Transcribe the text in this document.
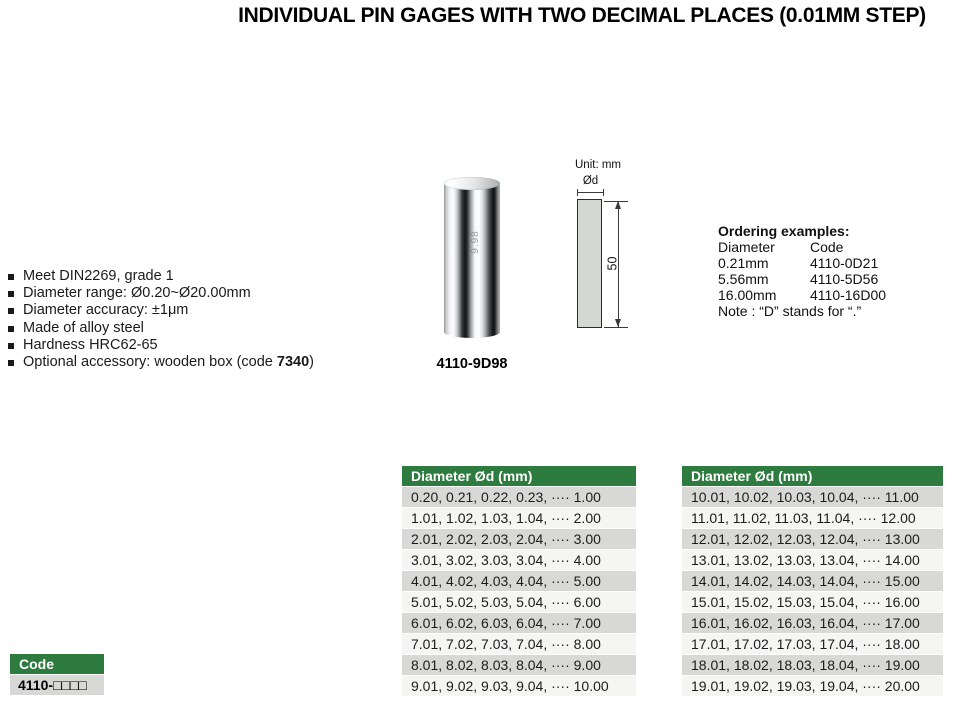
INDIVIDUAL PIN GAGES WITH TWO DECIMAL PLACES (0.01MM STEP)
Meet DIN2269, grade 1
Diameter range: Ø0.20~Ø20.00mm
Diameter accuracy: ±1μm
Made of alloy steel
Hardness HRC62-65
Optional accessory: wooden box (code 7340)
9.98
4110-9D98
Unit: mm
Ød
50
Ordering examples:
Diameter	Code
0.21mm	4110-0D21
5.56mm	4110-5D56
16.00mm	4110-16D00
Note : “D” stands for “.”
Diameter Ød (mm)
0.20, 0.21, 0.22, 0.23, ···· 1.00
1.01, 1.02, 1.03, 1.04, ···· 2.00
2.01, 2.02, 2.03, 2.04, ···· 3.00
3.01, 3.02, 3.03, 3.04, ···· 4.00
4.01, 4.02, 4.03, 4.04, ···· 5.00
5.01, 5.02, 5.03, 5.04, ···· 6.00
6.01, 6.02, 6.03, 6.04, ···· 7.00
7.01, 7.02, 7.03, 7.04, ···· 8.00
8.01, 8.02, 8.03, 8.04, ···· 9.00
9.01, 9.02, 9.03, 9.04, ···· 10.00
Diameter Ød (mm)
10.01, 10.02, 10.03, 10.04, ···· 11.00
11.01, 11.02, 11.03, 11.04, ···· 12.00
12.01, 12.02, 12.03, 12.04, ···· 13.00
13.01, 13.02, 13.03, 13.04, ···· 14.00
14.01, 14.02, 14.03, 14.04, ···· 15.00
15.01, 15.02, 15.03, 15.04, ···· 16.00
16.01, 16.02, 16.03, 16.04, ···· 17.00
17.01, 17.02, 17.03, 17.04, ···· 18.00
18.01, 18.02, 18.03, 18.04, ···· 19.00
19.01, 19.02, 19.03, 19.04, ···· 20.00
Code
4110-□□□□
